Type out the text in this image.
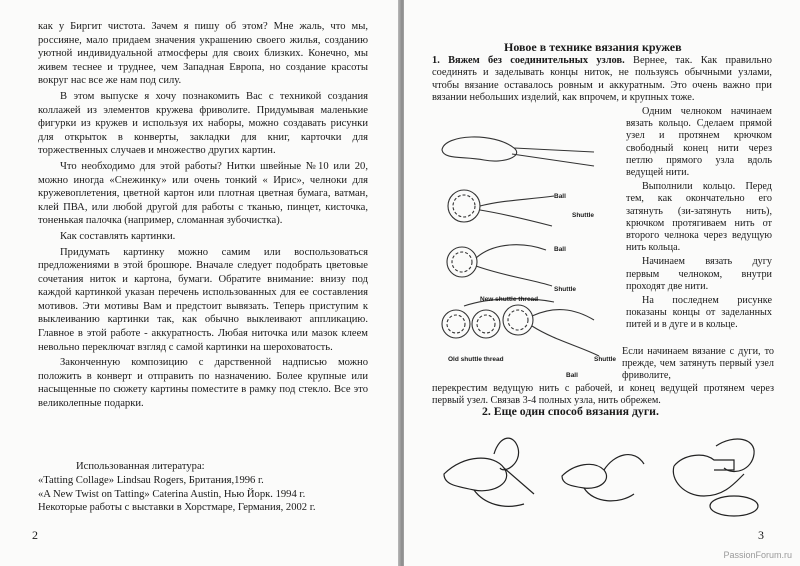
как у Биргит чистота. Зачем я пишу об этом? Мне жаль, что мы, россияне, мало придаем значения украшению своего жилья, созданию уютной индивидуальной атмосферы для своих близких. Конечно, мы живем теснее и труднее, чем Западная Европа, но создание красоты вокруг нас все же нам под силу.

В этом выпуске я хочу познакомить Вас с техникой создания коллажей из элементов кружева фриволите. Придумывая маленькие фигурки из кружев и используя их наборы, можно создавать рисунки для открыток в конверты, закладки для книг, карточки для торжественных случаев и множество других картин.

Что необходимо для этой работы? Нитки швейные №10 или 20, можно иногда «Снежинку» или очень тонкий « Ирис», челноки для кружевоплетения, цветной картон или плотная цветная бумага, ватман, клей ПВА, или любой другой для работы с тканью, пинцет, кисточка, тоненькая палочка (например, сломанная зубочистка).

Как составлять картинки.

Придумать картинку можно самим или воспользоваться предложениями в этой брошюре. Вначале следует подобрать цветовые сочетания ниток и картона, бумаги. Обратите внимание: внизу под каждой картинкой указан перечень использованных для ее составления мотивов. Эти мотивы Вам и предстоит вывязать. Теперь приступим к выклеиванию картинки так, как обычно выклеивают аппликацию. Главное в этой работе - аккуратность. Любая ниточка или мазок клеем невольно переключат взгляд с самой картинки на шероховатость.

Законченную композицию с дарственной надписью можно положить в конверт и отправить по назначению. Более крупные или насыщенные по сюжету картины поместите в рамку под стекло. Все это великолепные подарки.

Использованная литература:
«Tatting Collage» Lindsau Rogers, Британия,1996 г.
«A New Twist on Tatting» Caterina Austin, Нью Йорк. 1994 г.
Некоторые работы с выставки в Хорстмаре, Германия, 2002 г.
2
Новое в технике вязания кружев
1. Вяжем без соединительных узлов. Вернее, так. Как правильно соединять и заделывать концы ниток, не пользуясь обычными узлами, чтобы вязание оставалось ровным и аккуратным. Это очень важно при вязании небольших изделий, как впрочем, и крупных тоже.
Ball
Shuttle
Ball
Shuttle
New shuttle thread
Old shuttle thread	Shuttle
Ball

Одним челноком начинаем вязать кольцо. Сделаем прямой узел и протянем крючком свободный конец нити через петлю прямого узла вдоль ведущей нити.

Выполнили кольцо. Перед тем, как окончательно его затянуть (зи-затянуть нить), крючком протягиваем нить от второго челнока через ведущую нить кольца.

Начинаем вязать дугу первым челноком, внутри проходят две нити.

На последнем рисунке показаны концы от заделанных питей и в дуге и в кольце.

Если начинаем вязание с дуги, то прежде, чем затянуть первый узел фриволите,

перекрестим ведущую нить с рабочей, и конец ведущей протянем через первый узел. Связав 3-4 полных узла, нить обрежем.

2. Еще один способ вязания дуги.
3
PassionForum.ru
